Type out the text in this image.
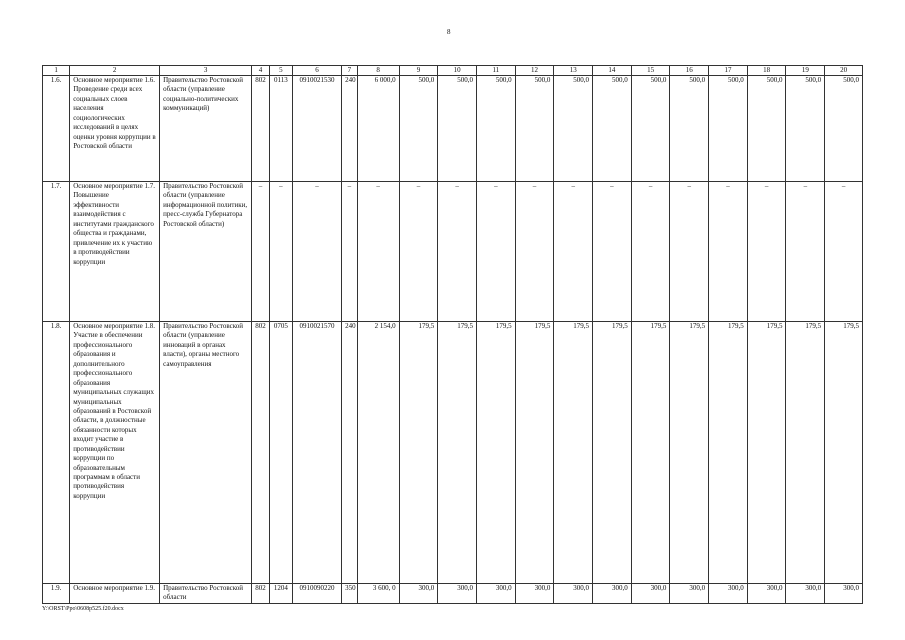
8
1	2	3	4	5	6	7	8	9	10	11	12	13	14	15	16	17	18	19	20
1.6.	Основное мероприятие 1.6. Проведение среди всех социальных слоев населения социологических исследований в целях оценки уровня коррупции в Ростовской области	Правительство Ростовской области (управление социально-политических коммуникаций)	802	0113	0910021530	240	6 000,0	500,0	500,0	500,0	500,0	500,0	500,0	500,0	500,0	500,0	500,0	500,0	500,0
1.7.	Основное мероприятие 1.7. Повышение эффективности взаимодействия с институтами гражданского общества и гражданами, привлечение их к участию в противодействии коррупции	Правительство Ростовской области (управление информационной политики, пресс-служба Губернатора Ростовской области)	–	–	–	–	–	–	–	–	–	–	–	–	–	–	–	–	–
1.8.	Основное мероприятие 1.8. Участие в обеспечении профессионального образования и дополнительного профессионального образования муниципальных служащих муниципальных образований в Ростовской области, в должностные обязанности которых входит участие в противодействии коррупции по образовательным программам в области противодействия коррупции	Правительство Ростовской области (управление инноваций в органах власти), органы местного самоуправления	802	0705	0910021570	240	2 154,0	179,5	179,5	179,5	179,5	179,5	179,5	179,5	179,5	179,5	179,5	179,5	179,5
1.9.	Основное мероприятие 1.9.	Правительство Ростовской области	802	1204	0910090220	350	3 600, 0	300,0	300,0	300,0	300,0	300,0	300,0	300,0	300,0	300,0	300,0	300,0	300,0
Y:\ORST\Ppo\0608p525.f20.docx
